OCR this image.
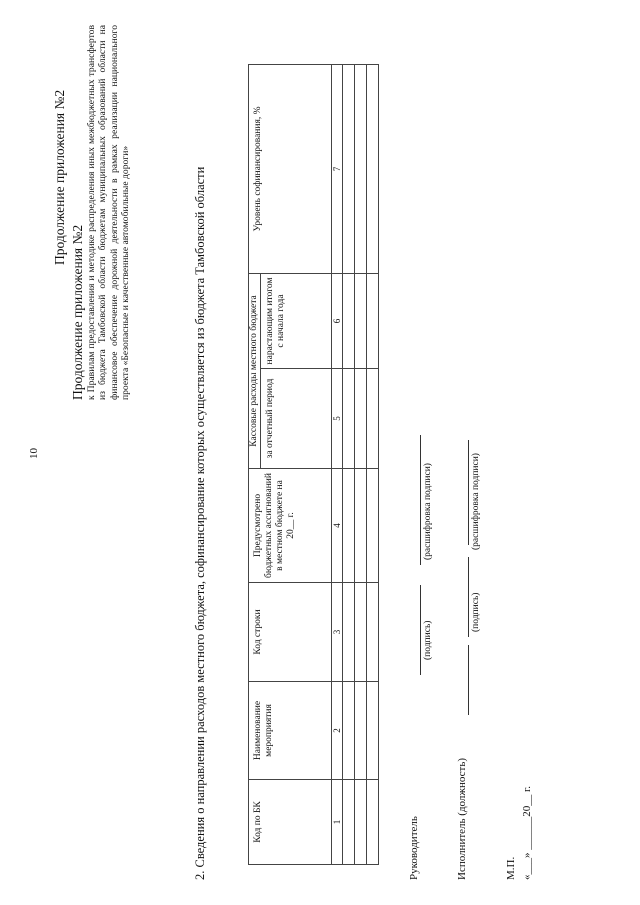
10
Продолжение приложения №2
Продолжение приложения №2 к Правилам предоставления и методике распределения иных межбюджетных трансфертов из бюджета Тамбовской области бюджетам муниципальных образований области на финансовое обеспечение дорожной деятельности в рамках реализации национального проекта «Безопасные и качественные автомобильные дороги»	2. Сведения о направлении расходов местного бюджета, софинансирование которых осуществляется из бюджета Тамбовской области	Код по БК	Наименование мероприятия	Код строки	Предусмотрено бюджетных ассигнований в местном бюджете на 20__ г.	Кассовые расходы местного бюджета		Уровень софинансирования, %
				за отчетный период	нарастающим итогом с начала года	
1	2	3	4	5	6	7

Руководитель
(подпись)
(расшифровка подписи)
Исполнитель (должность)
(подпись)
(расшифровка подписи)
М.П. «___» ______20__ г.
